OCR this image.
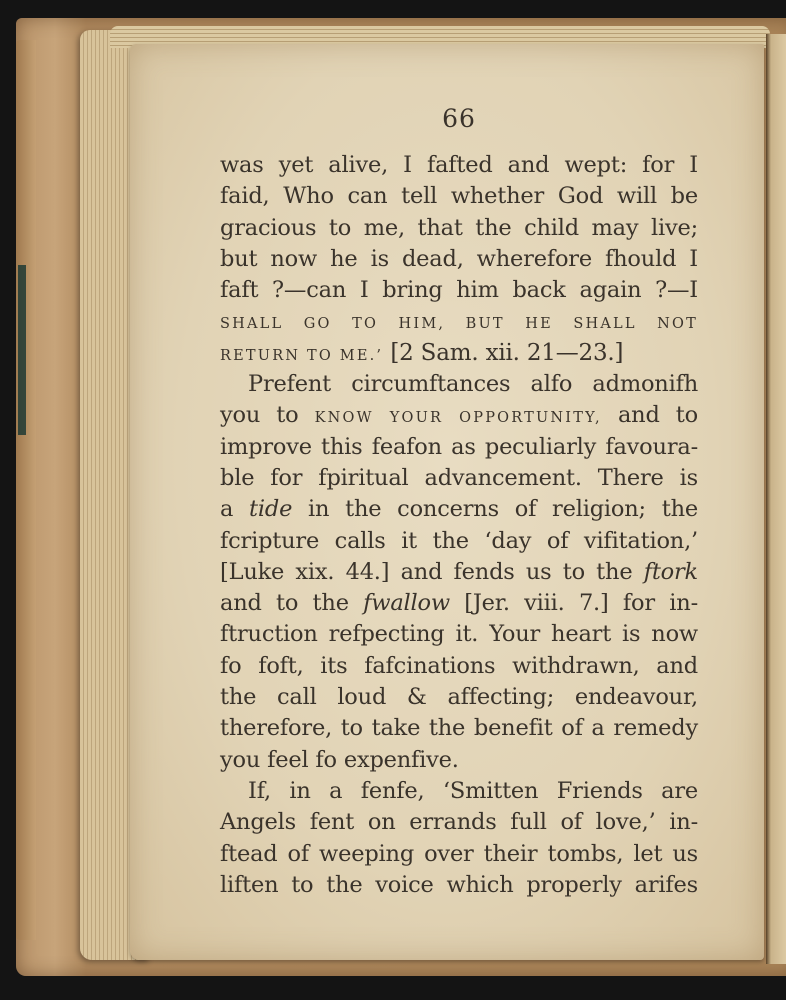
66
was yet alive, I fafted and wept: for I
faid, Who can tell whether God will be
gracious to me, that the child may live;
but now he is dead, wherefore fhould I
faft ?—can I bring him back again ?—I
SHALL GO TO HIM, BUT HE SHALL NOT
RETURN TO ME.’ [2 Sam. xii. 21—23.]
Prefent circumftances alfo admonifh
you to KNOW YOUR OPPORTUNITY, and to
improve this feafon as peculiarly favoura-
ble for fpiritual advancement. There is
a tide in the concerns of religion; the
fcripture calls it the ‘day of vifitation,’
[Luke xix. 44.] and fends us to the ftork
and to the fwallow [Jer. viii. 7.] for in-
ftruction refpecting it. Your heart is now
fo foft, its fafcinations withdrawn, and
the call loud & affecting; endeavour,
therefore, to take the benefit of a remedy
you feel fo expenfive.
If, in a fenfe, ‘Smitten Friends are
Angels fent on errands full of love,’ in-
ftead of weeping over their tombs, let us
liften to the voice which properly arifes
